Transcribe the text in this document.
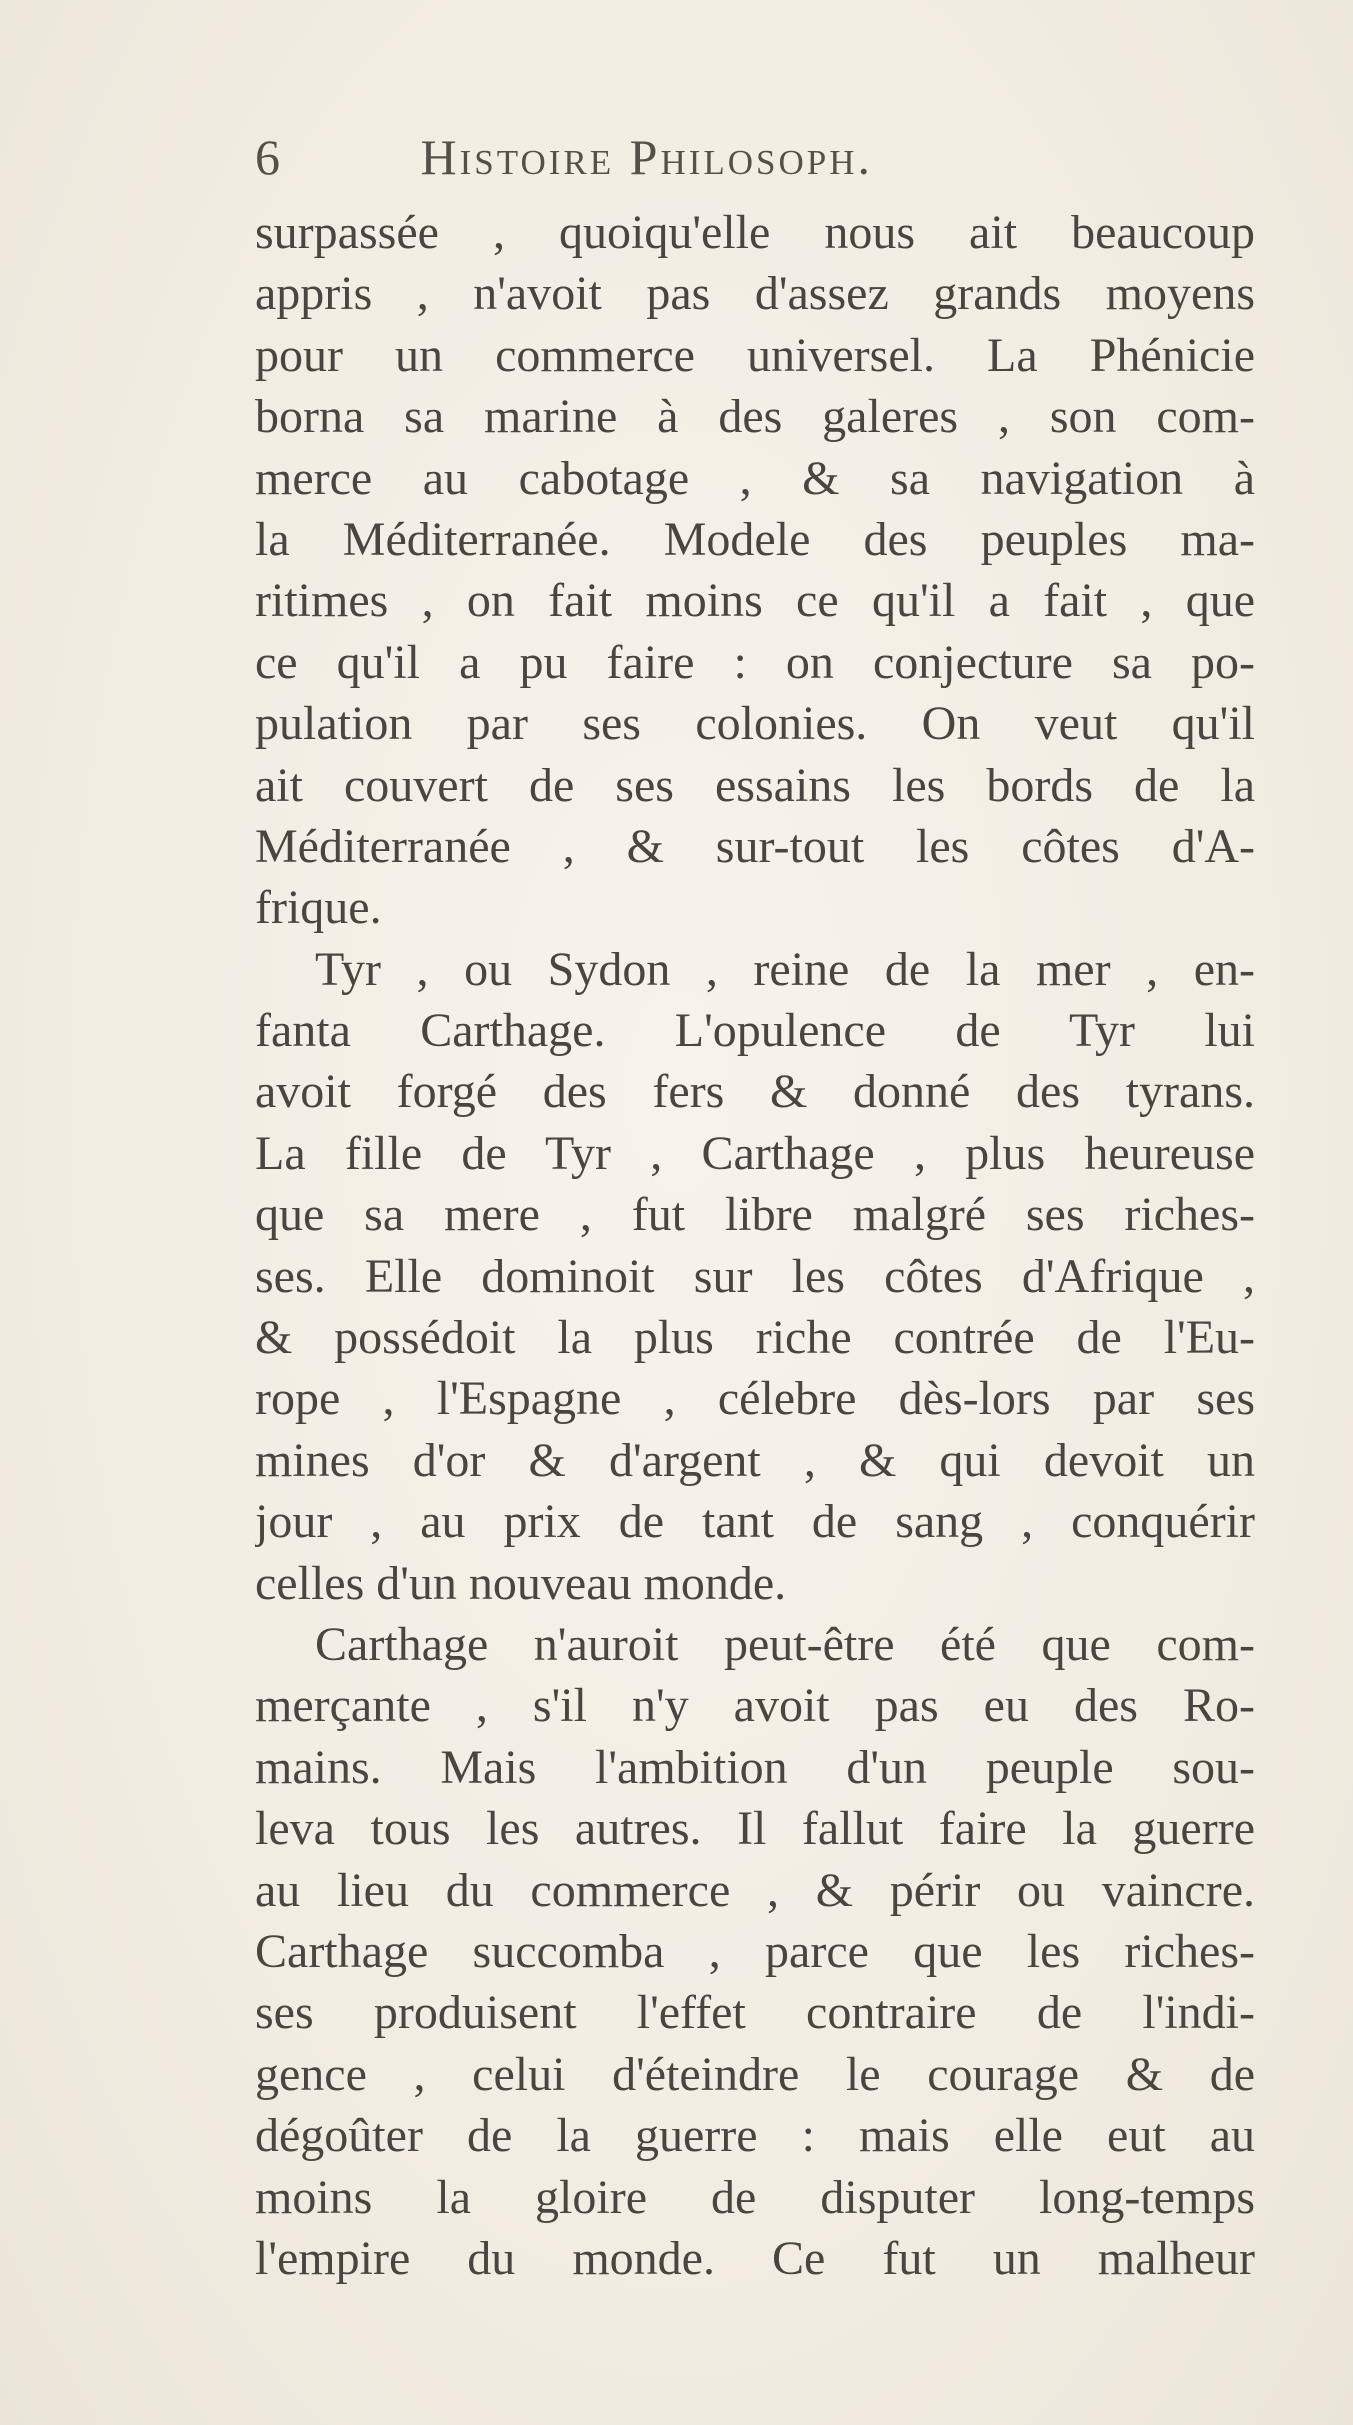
6	Histoire Philosoph.
surpassée , quoiqu'elle nous ait beaucoup
appris , n'avoit pas d'assez grands moyens
pour un commerce universel. La Phénicie
borna sa marine à des galeres , son com-
merce au cabotage , & sa navigation à
la Méditerranée. Modele des peuples ma-
ritimes , on fait moins ce qu'il a fait , que
ce qu'il a pu faire : on conjecture sa po-
pulation par ses colonies. On veut qu'il
ait couvert de ses essains les bords de la
Méditerranée , & sur-tout les côtes d'A-
frique.
Tyr , ou Sydon , reine de la mer , en-
fanta Carthage. L'opulence de Tyr lui
avoit forgé des fers & donné des tyrans.
La fille de Tyr , Carthage , plus heureuse
que sa mere , fut libre malgré ses riches-
ses. Elle dominoit sur les côtes d'Afrique ,
& possédoit la plus riche contrée de l'Eu-
rope , l'Espagne , célebre dès-lors par ses
mines d'or & d'argent , & qui devoit un
jour , au prix de tant de sang , conquérir
celles d'un nouveau monde.
Carthage n'auroit peut-être été que com-
merçante , s'il n'y avoit pas eu des Ro-
mains. Mais l'ambition d'un peuple sou-
leva tous les autres. Il fallut faire la guerre
au lieu du commerce , & périr ou vaincre.
Carthage succomba , parce que les riches-
ses produisent l'effet contraire de l'indi-
gence , celui d'éteindre le courage & de
dégoûter de la guerre : mais elle eut au
moins la gloire de disputer long-temps
l'empire du monde. Ce fut un malheur
